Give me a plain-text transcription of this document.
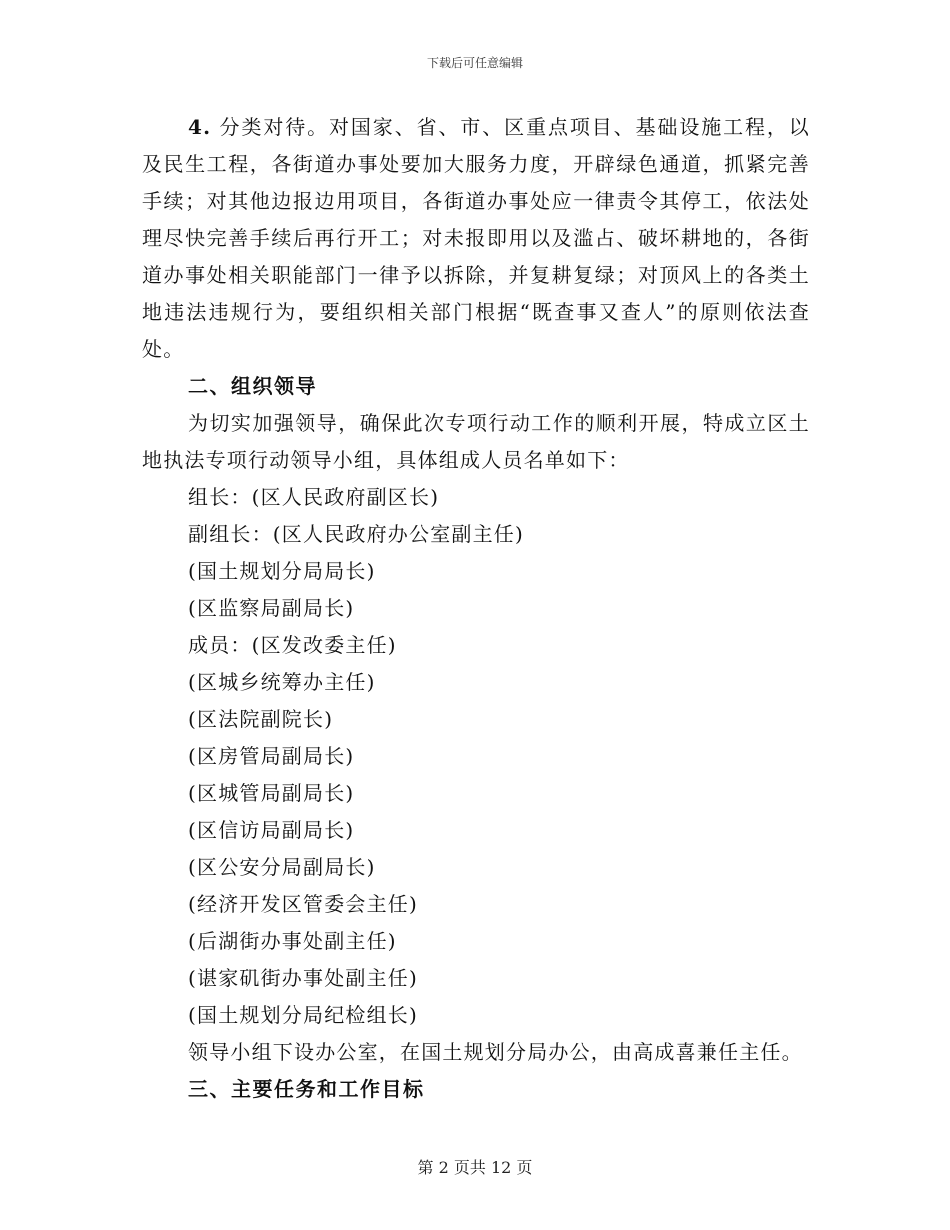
下载后可任意编辑

4. 分类对待。对国家、省、市、区重点项目、基础设施工程，以及民生工程，各街道办事处要加大服务力度，开辟绿色通道，抓紧完善手续；对其他边报边用项目，各街道办事处应一律责令其停工，依法处理尽快完善手续后再行开工；对未报即用以及滥占、破坏耕地的，各街道办事处相关职能部门一律予以拆除，并复耕复绿；对顶风上的各类土地违法违规行为，要组织相关部门根据“既查事又查人”的原则依法查处。

二、组织领导

为切实加强领导，确保此次专项行动工作的顺利开展，特成立区土地执法专项行动领导小组，具体组成人员名单如下：

组长：(区人民政府副区长)

副组长：(区人民政府办公室副主任)

(国土规划分局局长)

(区监察局副局长)

成员：(区发改委主任)

(区城乡统筹办主任)

(区法院副院长)

(区房管局副局长)

(区城管局副局长)

(区信访局副局长)

(区公安分局副局长)

(经济开发区管委会主任)

(后湖街办事处副主任)

(谌家矶街办事处副主任)

(国土规划分局纪检组长)

领导小组下设办公室，在国土规划分局办公，由高成喜兼任主任。

三、主要任务和工作目标

第 2 页共 12 页
